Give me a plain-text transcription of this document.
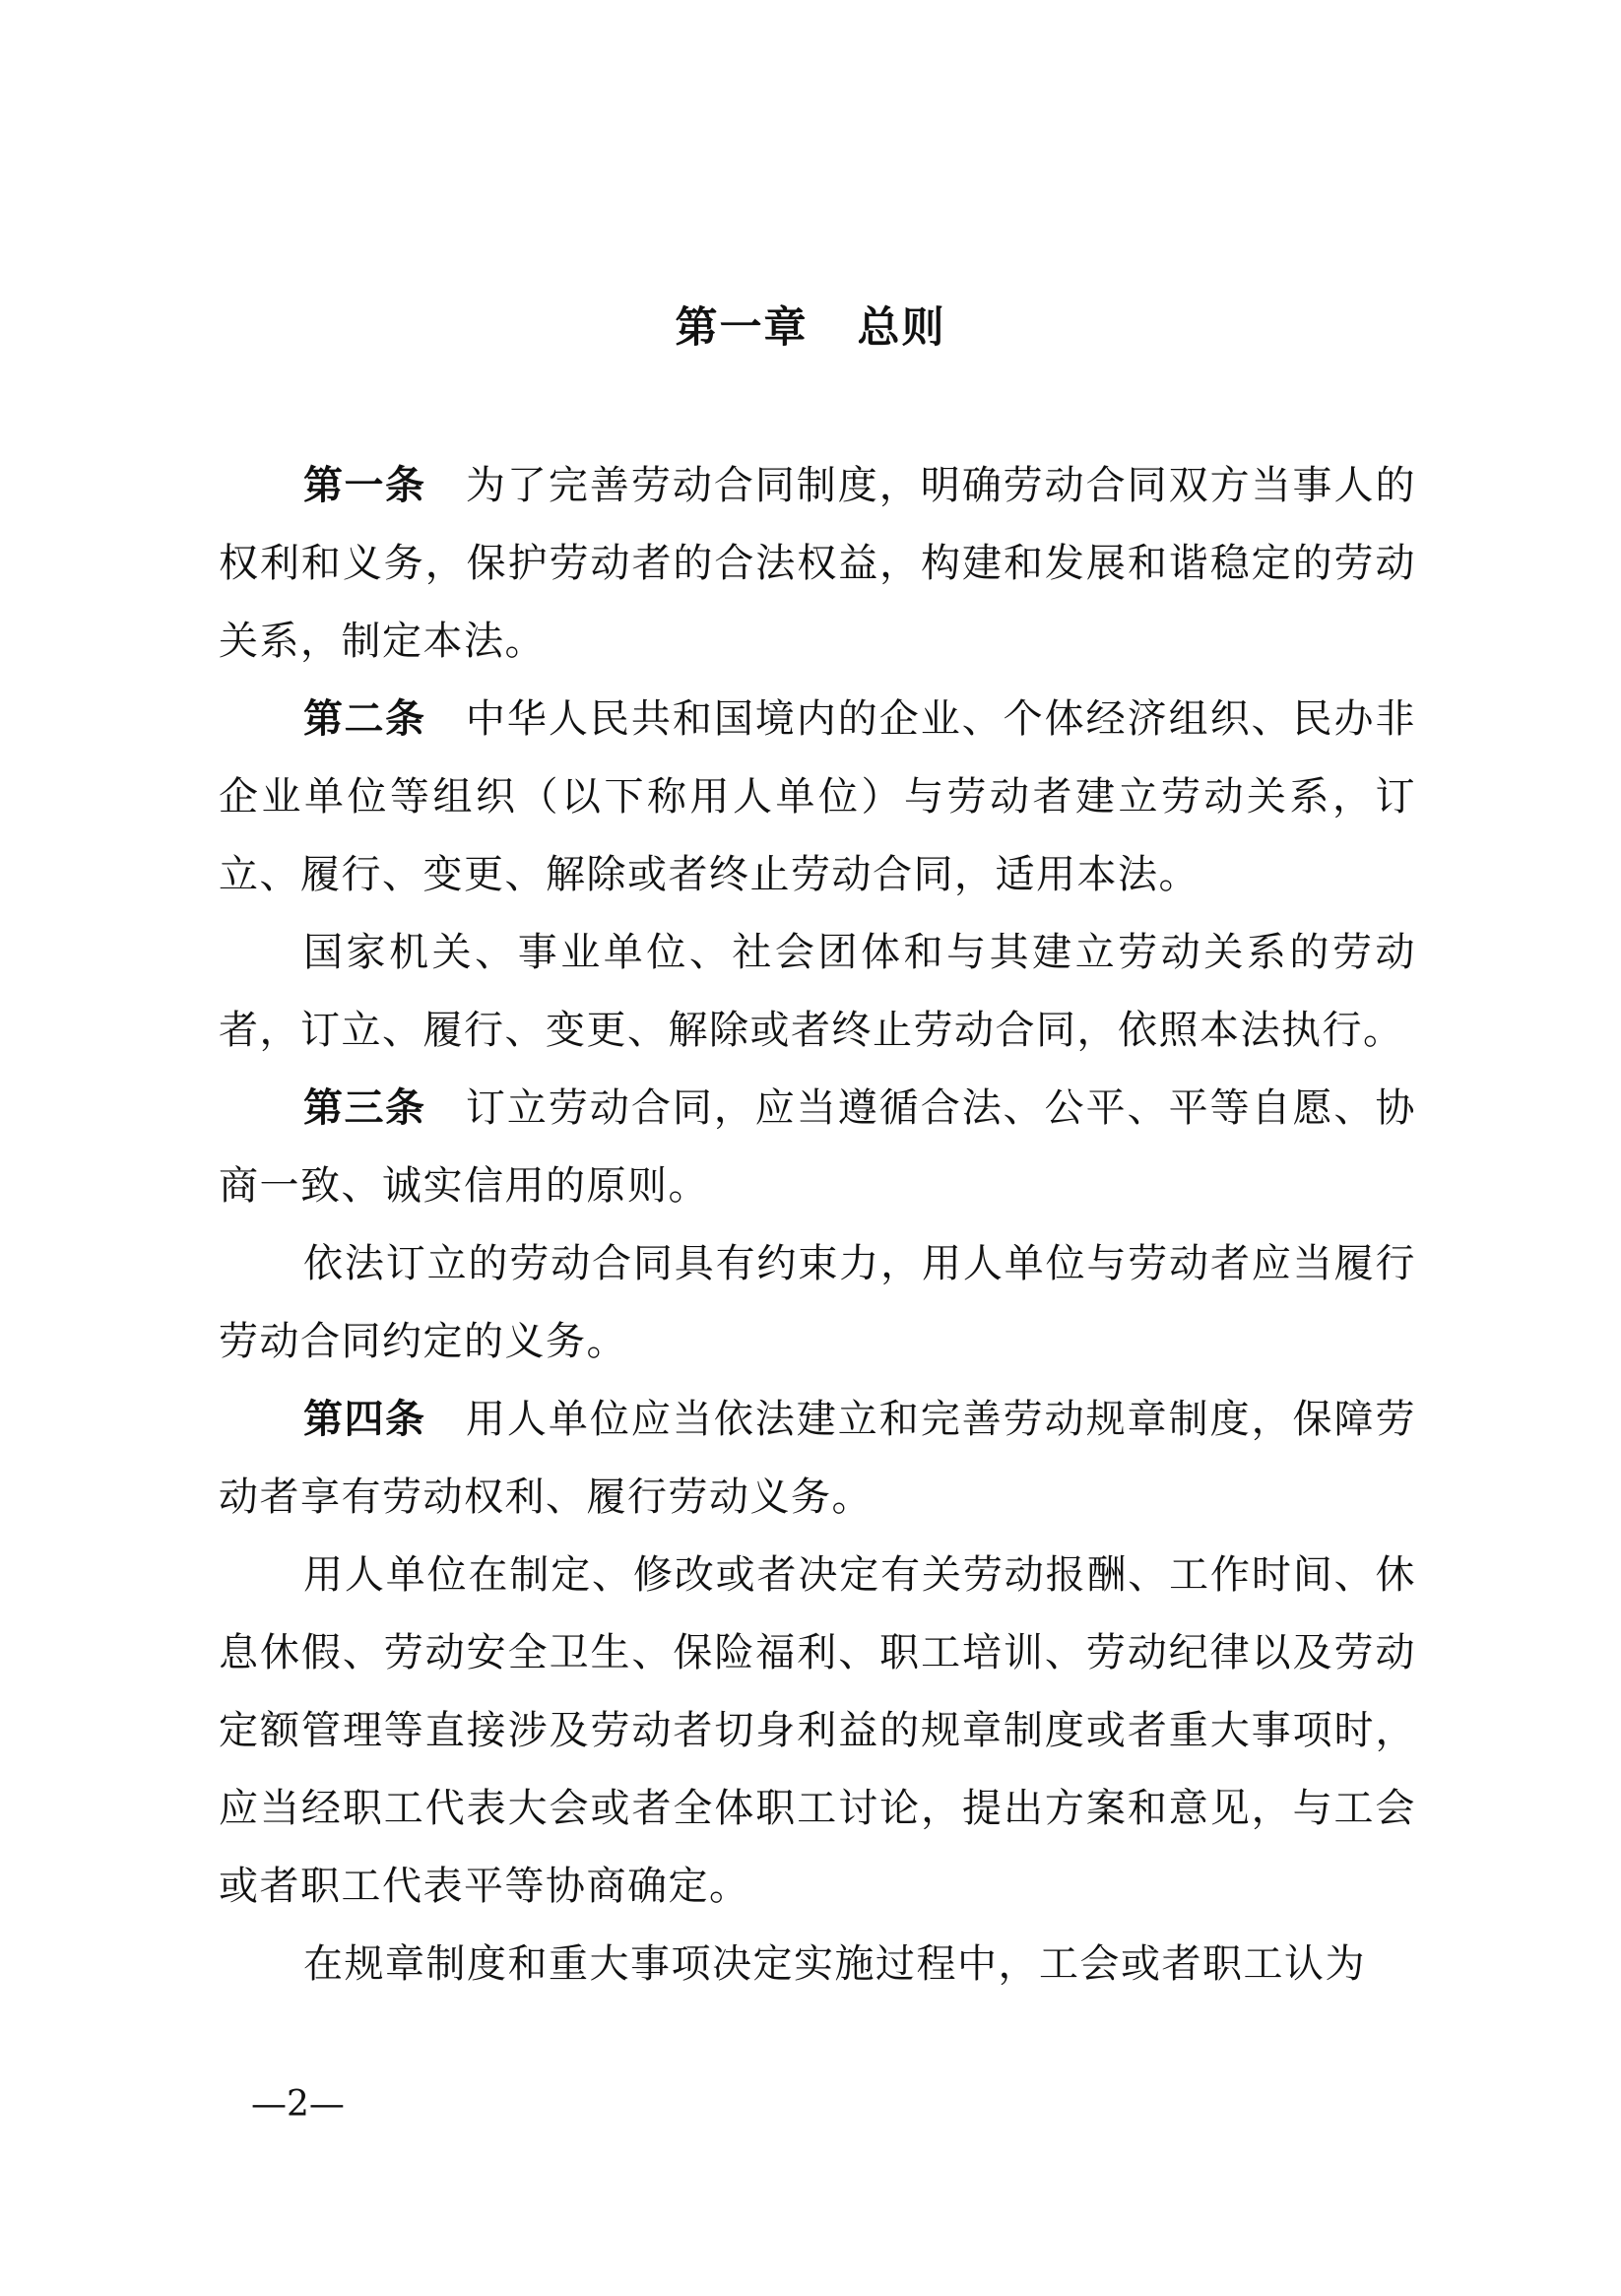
第一章 总则

第一条 为了完善劳动合同制度，明确劳动合同双方当事人的权利和义务，保护劳动者的合法权益，构建和发展和谐稳定的劳动关系，制定本法。

第二条 中华人民共和国境内的企业、个体经济组织、民办非企业单位等组织（以下称用人单位）与劳动者建立劳动关系，订立、履行、变更、解除或者终止劳动合同，适用本法。

国家机关、事业单位、社会团体和与其建立劳动关系的劳动者，订立、履行、变更、解除或者终止劳动合同，依照本法执行。

第三条 订立劳动合同，应当遵循合法、公平、平等自愿、协商一致、诚实信用的原则。

依法订立的劳动合同具有约束力，用人单位与劳动者应当履行劳动合同约定的义务。

第四条 用人单位应当依法建立和完善劳动规章制度，保障劳动者享有劳动权利、履行劳动义务。

用人单位在制定、修改或者决定有关劳动报酬、工作时间、休息休假、劳动安全卫生、保险福利、职工培训、劳动纪律以及劳动定额管理等直接涉及劳动者切身利益的规章制度或者重大事项时，应当经职工代表大会或者全体职工讨论，提出方案和意见，与工会或者职工代表平等协商确定。

在规章制度和重大事项决定实施过程中，工会或者职工认为

—2—
